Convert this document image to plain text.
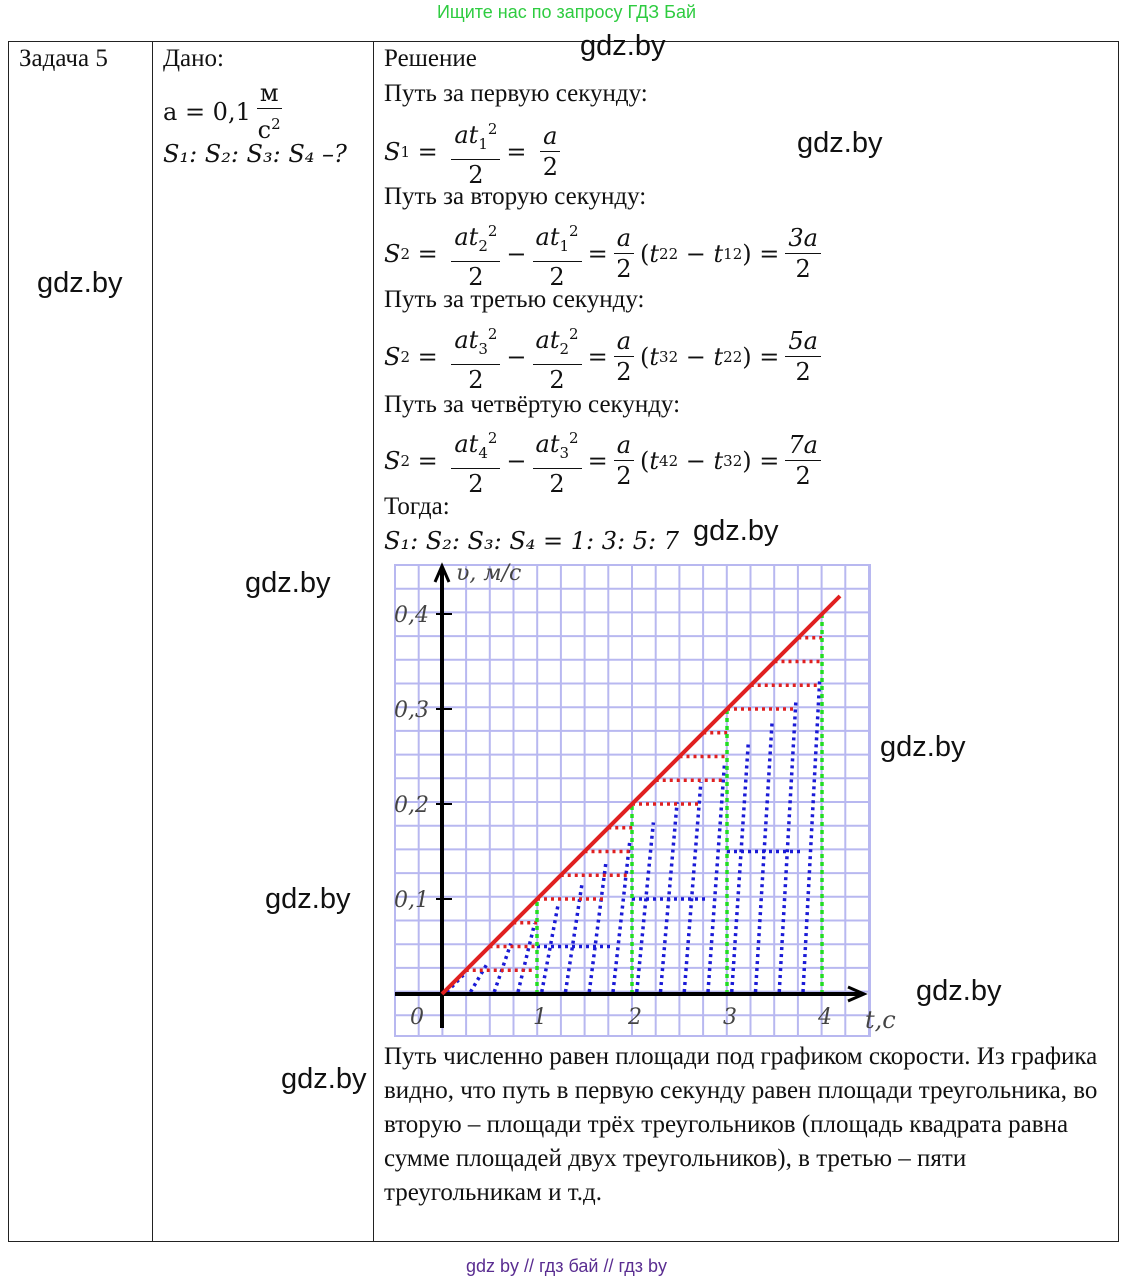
Ищите нас по запросу ГДЗ Бай
Задача 5 Дано:
$a = 0,1 \frac{м}{с^2}$
S₁: S₂: S₃: S₄ –?
Решение
Путь за первую секунду:
S $1 = \frac{at_1^2}{2} = \frac{a}{2}$
Путь за вторую секунду:
S $2 = \frac{at_2^2}{2} - \frac{at_1^2}{2} = \frac{a}{2}$ ( t 2 2 − t 1 2 ) = $\frac{3a}{2}$
Путь за третью секунду:
S $2 = \frac{at_3^2}{2} - \frac{at_2^2}{2} = \frac{a}{2}$ ( t 3 2 − t 2 2 ) = $\frac{5a}{2}$
Путь за четвёртую секунду:
S $2 = \frac{at_4^2}{2} - \frac{at_3^2}{2} = \frac{a}{2}$ ( t 4 2 − t 3 2 ) = $\frac{7a}{2}$
Тогда:
S₁: S₂: S₃: S₄ = 1: 3: 5: 7
0,1
0,2
0,3
0,4
0	1	2	3	4
υ, м/с
t,c
Путь численно равен площади под графиком скорости. Из графика видно, что путь в первую секунду равен площади треугольника, во вторую – площади трёх треугольников (площадь квадрата равна сумме площадей двух треугольников), в третью – пяти треугольникам и т.д.
gdz.by
gdz.by
gdz.by
gdz.by
gdz.by
gdz.by
gdz.by
gdz.by
gdz.by
gdz by // гдз бай // гдз by
